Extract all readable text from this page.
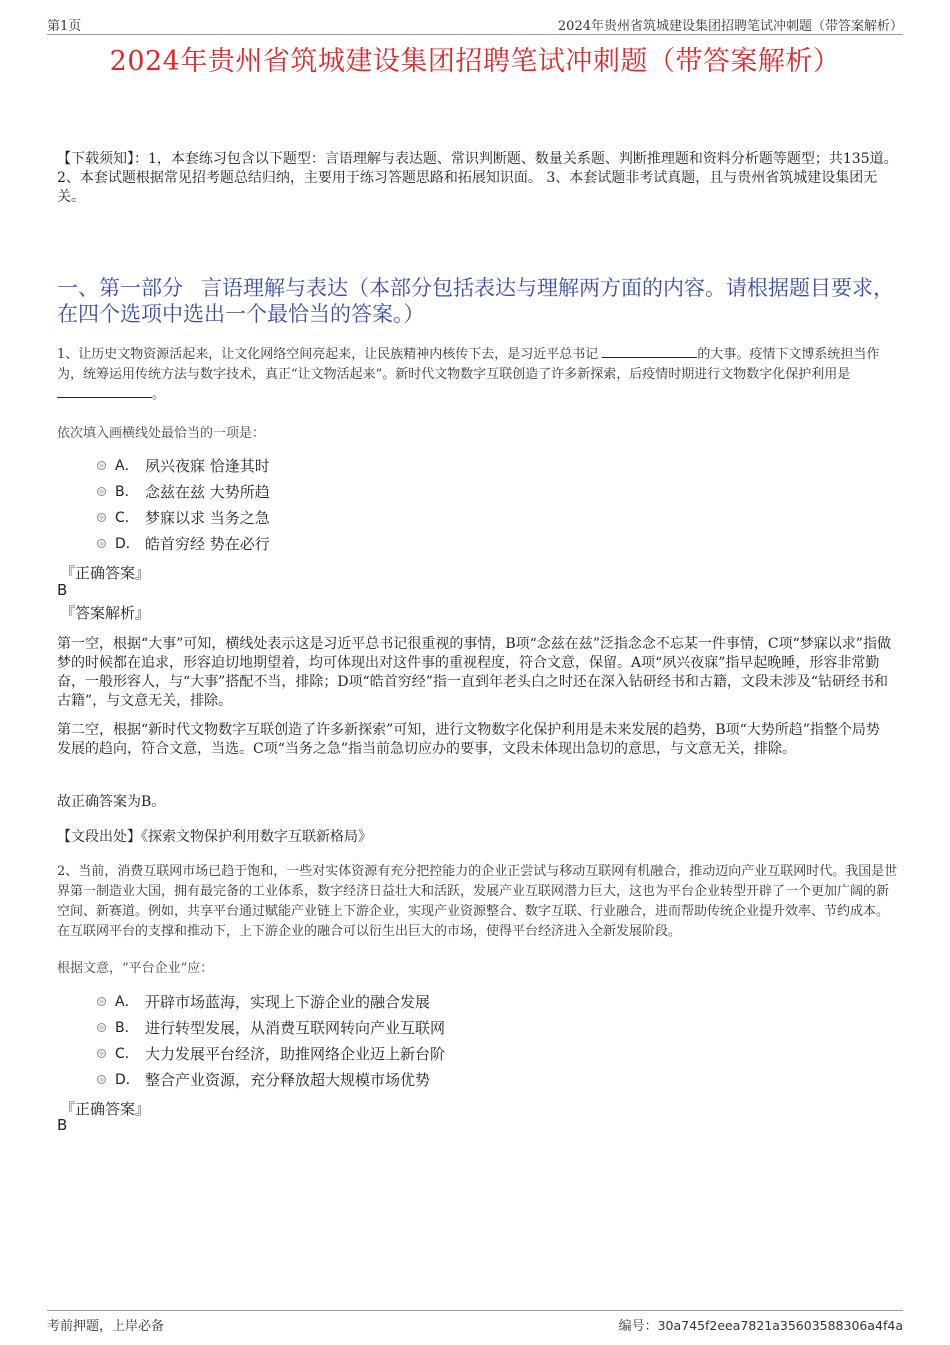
第1页	2024年贵州省筑城建设集团招聘笔试冲刺题（带答案解析）
2024年贵州省筑城建设集团招聘笔试冲刺题（带答案解析）
【下载须知】：1，本套练习包含以下题型：言语理解与表达题、常识判断题、数量关系题、判断推理题和资料分析题等题型；共135道。 2、本套试题根据常见招考题总结归纳，主要用于练习答题思路和拓展知识面。 3、本套试题非考试真题，且与贵州省筑城建设集团无关。
一、第一部分 言语理解与表达（本部分包括表达与理解两方面的内容。请根据题目要求，在四个选项中选出一个最恰当的答案。）
1、让历史文物资源活起来，让文化网络空间亮起来，让民族精神内核传下去，是习近平总书记	的大事。疫情下文博系统担当作为，统筹运用传统方法与数字技术，真正“让文物活起来”。新时代文物数字互联创造了许多新探索，后疫情时期进行文物数字化保护利用是。
依次填入画横线处最恰当的一项是：
A． 夙兴夜寐 恰逢其时
B． 念兹在兹 大势所趋
C． 梦寐以求 当务之急
D． 皓首穷经 势在必行
『正确答案』
B
『答案解析』
第一空，根据“大事”可知，横线处表示这是习近平总书记很重视的事情，B项“念兹在兹”泛指念念不忘某一件事情，C项“梦寐以求”指做梦的时候都在追求，形容迫切地期望着，均可体现出对这件事的重视程度，符合文意，保留。A项“夙兴夜寐”指早起晚睡，形容非常勤奋，一般形容人，与“大事”搭配不当，排除；D项“皓首穷经”指一直到年老头白之时还在深入钻研经书和古籍，文段未涉及“钻研经书和古籍”，与文意无关，排除。
第二空，根据“新时代文物数字互联创造了许多新探索”可知，进行文物数字化保护利用是未来发展的趋势，B项“大势所趋”指整个局势发展的趋向，符合文意，当选。C项“当务之急”指当前急切应办的要事，文段未体现出急切的意思，与文意无关，排除。
故正确答案为B。
【文段出处】《探索文物保护利用数字互联新格局》
2、当前，消费互联网市场已趋于饱和，一些对实体资源有充分把控能力的企业正尝试与移动互联网有机融合，推动迈向产业互联网时代。我国是世界第一制造业大国，拥有最完备的工业体系，数字经济日益壮大和活跃，发展产业互联网潜力巨大，这也为平台企业转型开辟了一个更加广阔的新空间、新赛道。例如，共享平台通过赋能产业链上下游企业，实现产业资源整合、数字互联、行业融合，进而帮助传统企业提升效率、节约成本。在互联网平台的支撑和推动下，上下游企业的融合可以衍生出巨大的市场，使得平台经济进入全新发展阶段。
根据文意，“平台企业”应：
A． 开辟市场蓝海，实现上下游企业的融合发展
B． 进行转型发展，从消费互联网转向产业互联网
C． 大力发展平台经济，助推网络企业迈上新台阶
D． 整合产业资源，充分释放超大规模市场优势
『正确答案』
B
考前押题，上岸必备	编号：30a745f2eea7821a35603588306a4f4a
